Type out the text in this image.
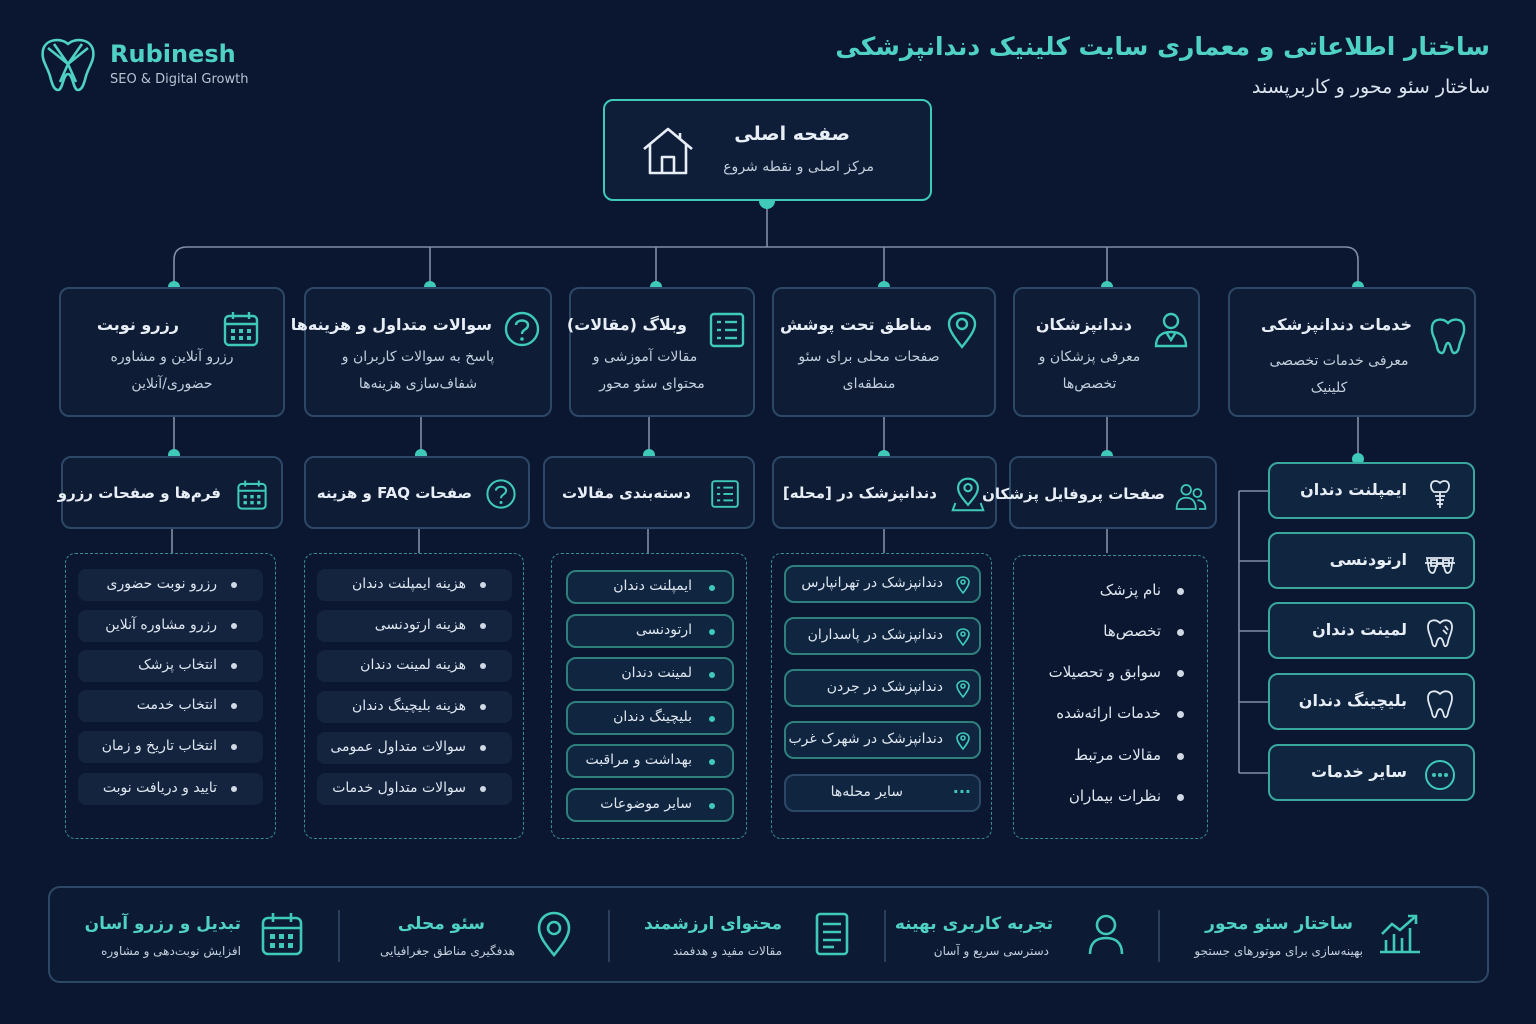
Rubinesh
SEO & Digital Growth
ساختار اطلاعاتی و معماری سایت کلینیک دندانپزشکی
ساختار سئو محور و کاربرپسند
صفحه اصلی
مرکز اصلی و نقطه شروع
رزرو نوبت
رزرو آنلاین و مشاوره
حضوری/آنلاین
سوالات متداول و هزینه‌ها
پاسخ به سوالات کاربران و
شفاف‌سازی هزینه‌ها
وبلاگ (مقالات)
مقالات آموزشی و
محتوای سئو محور
مناطق تحت پوشش
صفحات محلی برای سئو
منطقه‌ای
دندانپزشکان
معرفی پزشکان و
تخصص‌ها
خدمات دندانپزشکی
معرفی خدمات تخصصی
کلینیک
فرم‌ها و صفحات رزرو	صفحات FAQ و هزینه	دسته‌بندی مقالات	دندانپزشک در [محله]	صفحات پروفایل پزشکان
رزرو نوبت حضوری
رزرو مشاوره آنلاین
انتخاب پزشک
انتخاب خدمت
انتخاب تاریخ و زمان
تایید و دریافت نوبت
هزینه ایمپلنت دندان
هزینه ارتودنسی
هزینه لمینت دندان
هزینه بلیچینگ دندان
سوالات متداول عمومی
سوالات متداول خدمات
ایمپلنت دندان
ارتودنسی
لمینت دندان
بلیچینگ دندان
بهداشت و مراقبت
سایر موضوعات
دندانپزشک در تهرانپارس
دندانپزشک در پاسداران
دندانپزشک در جردن
دندانپزشک در شهرک غرب
سایر محله‌ها	···
نام پزشک
تخصص‌ها
سوابق و تحصیلات
خدمات ارائه‌شده
مقالات مرتبط
نظرات بیماران
ایمپلنت دندان
ارتودنسی
لمینت دندان
بلیچینگ دندان
سایر خدمات
ساختار سئو محور
بهینه‌سازی برای موتورهای جستجو
تجربه کاربری بهینه
دسترسی سریع و آسان
محتوای ارزشمند
مقالات مفید و هدفمند
سئو محلی
هدفگیری مناطق جغرافیایی
تبدیل و رزرو آسان
افزایش نوبت‌دهی و مشاوره
